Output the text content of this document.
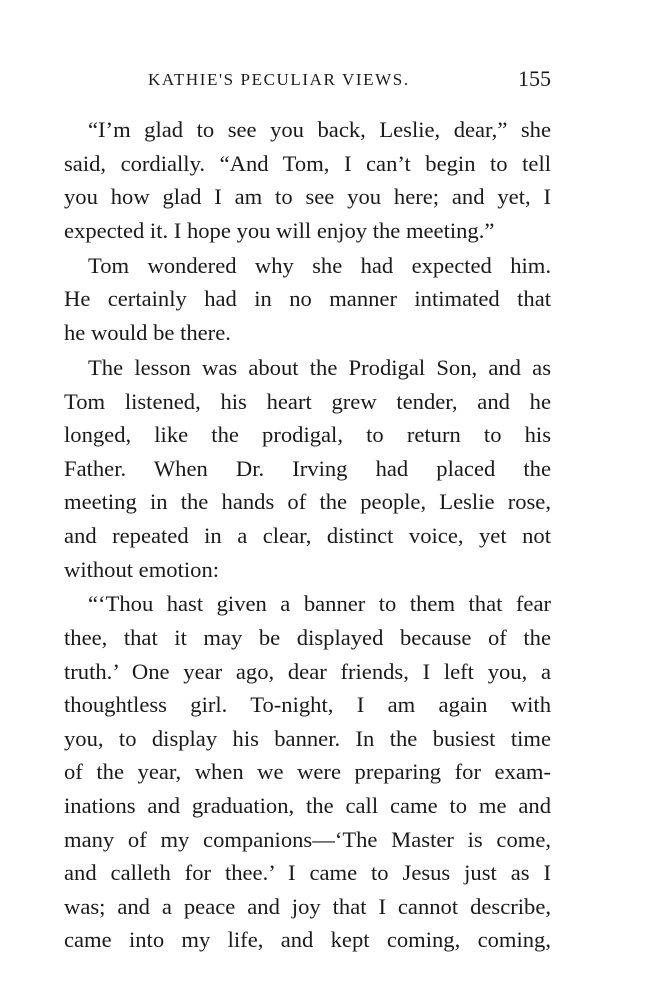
KATHIE'S PECULIAR VIEWS.	155
“I’m glad to see you back, Leslie, dear,” she
said, cordially. “And Tom, I can’t begin to tell
you how glad I am to see you here; and yet, I
expected it. I hope you will enjoy the meeting.”
Tom wondered why she had expected him.
He certainly had in no manner intimated that
he would be there.
The lesson was about the Prodigal Son, and as
Tom listened, his heart grew tender, and he
longed, like the prodigal, to return to his
Father. When Dr. Irving had placed the
meeting in the hands of the people, Leslie rose,
and repeated in a clear, distinct voice, yet not
without emotion:
“‘Thou hast given a banner to them that fear
thee, that it may be displayed because of the
truth.’ One year ago, dear friends, I left you, a
thoughtless girl. To-night, I am again with
you, to display his banner. In the busiest time
of the year, when we were preparing for exam-
inations and graduation, the call came to me and
many of my companions—‘The Master is come,
and calleth for thee.’ I came to Jesus just as I
was; and a peace and joy that I cannot describe,
came into my life, and kept coming, coming,
